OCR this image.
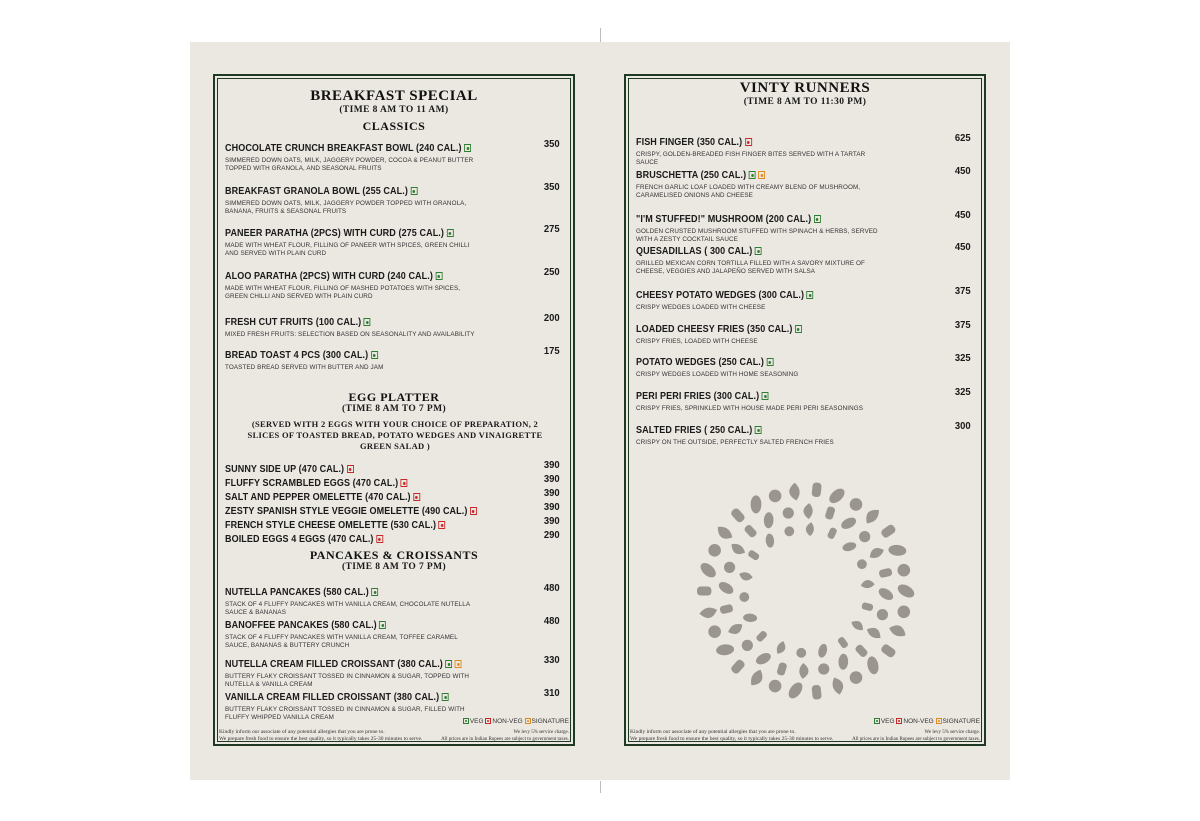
BREAKFAST SPECIAL
(TIME 8 AM TO 11 AM)
CLASSICS
CHOCOLATE CRUNCH BREAKFAST BOWL (240 CAL.)	350
SIMMERED DOWN OATS, MILK, JAGGERY POWDER, COCOA & PEANUT BUTTER TOPPED WITH GRANOLA, AND SEASONAL FRUITS
BREAKFAST GRANOLA BOWL (255 CAL.)	350
SIMMERED DOWN OATS, MILK, JAGGERY POWDER TOPPED WITH GRANOLA, BANANA, FRUITS & SEASONAL FRUITS
PANEER PARATHA (2PCS) WITH CURD (275 CAL.)	275
MADE WITH WHEAT FLOUR, FILLING OF PANEER WITH SPICES, GREEN CHILLI AND SERVED WITH PLAIN CURD
ALOO PARATHA (2PCS) WITH CURD (240 CAL.)	250
MADE WITH WHEAT FLOUR, FILLING OF MASHED POTATOES WITH SPICES, GREEN CHILLI AND SERVED WITH PLAIN CURD
FRESH CUT FRUITS (100 CAL.)	200
MIXED FRESH FRUITS: SELECTION BASED ON SEASONALITY AND AVAILABILITY
BREAD TOAST 4 PCS (300 CAL.)	175
TOASTED BREAD SERVED WITH BUTTER AND JAM
EGG PLATTER
(TIME 8 AM TO 7 PM)
(SERVED WITH 2 EGGS WITH YOUR CHOICE OF PREPARATION, 2 SLICES OF TOASTED BREAD, POTATO WEDGES AND VINAIGRETTE GREEN SALAD )
SUNNY SIDE UP (470 CAL.)	390
FLUFFY SCRAMBLED EGGS (470 CAL.)	390
SALT AND PEPPER OMELETTE (470 CAL.)	390
ZESTY SPANISH STYLE VEGGIE OMELETTE (490 CAL.)	390
FRENCH STYLE CHEESE OMELETTE (530 CAL.)	390
BOILED EGGS 4 EGGS (470 CAL.)	290
PANCAKES & CROISSANTS
(TIME 8 AM TO 7 PM)
NUTELLA PANCAKES (580 CAL.)	480
STACK OF 4 FLUFFY PANCAKES WITH VANILLA CREAM, CHOCOLATE NUTELLA SAUCE & BANANAS
BANOFFEE PANCAKES (580 CAL.)	480
STACK OF 4 FLUFFY PANCAKES WITH VANILLA CREAM, TOFFEE CARAMEL SAUCE, BANANAS & BUTTERY CRUNCH
NUTELLA CREAM FILLED CROISSANT (380 CAL.)	330
BUTTERY FLAKY CROISSANT TOSSED IN CINNAMON & SUGAR, TOPPED WITH NUTELLA & VANILLA CREAM
VANILLA CREAM FILLED CROISSANT (380 CAL.)	310
BUTTERY FLAKY CROISSANT TOSSED IN CINNAMON & SUGAR, FILLED WITH FLUFFY WHIPPED VANILLA CREAM
VEG NON-VEG SIGNATURE
Kindly inform our associate of any potential allergies that you are prone to.
We prepare fresh food to ensure the best quality, so it typically takes 25-30 minutes to serve.
We levy 5% service charge.
All prices are in Indian Rupees are subject to government taxes.
VINTY RUNNERS
(TIME 8 AM TO 11:30 PM)
FISH FINGER (350 CAL.)	625
CRISPY, GOLDEN-BREADED FISH FINGER BITES SERVED WITH A TARTAR SAUCE
BRUSCHETTA (250 CAL.)	450
FRENCH GARLIC LOAF LOADED WITH CREAMY BLEND OF MUSHROOM, CARAMELISED ONIONS AND CHEESE
"I'M STUFFED!" MUSHROOM (200 CAL.)	450
GOLDEN CRUSTED MUSHROOM STUFFED WITH SPINACH & HERBS, SERVED WITH A ZESTY COCKTAIL SAUCE
QUESADILLAS ( 300 CAL.)	450
GRILLED MEXICAN CORN TORTILLA FILLED WITH A SAVORY MIXTURE OF CHEESE, VEGGIES AND JALAPEÑO SERVED WITH SALSA
CHEESY POTATO WEDGES (300 CAL.)	375
CRISPY WEDGES LOADED WITH CHEESE
LOADED CHEESY FRIES (350 CAL.)	375
CRISPY FRIES, LOADED WITH CHEESE
POTATO WEDGES (250 CAL.)	325
CRISPY WEDGES LOADED WITH HOME SEASONING
PERI PERI FRIES (300 CAL.)	325
CRISPY FRIES, SPRINKLED WITH HOUSE MADE PERI PERI SEASONINGS
SALTED FRIES ( 250 CAL.)	300
CRISPY ON THE OUTSIDE, PERFECTLY SALTED FRENCH FRIES
VEG NON-VEG SIGNATURE
Kindly inform our associate of any potential allergies that you are prone to.
We prepare fresh food to ensure the best quality, so it typically takes 25-30 minutes to serve.
We levy 5% service charge.
All prices are in Indian Rupees are subject to government taxes.
